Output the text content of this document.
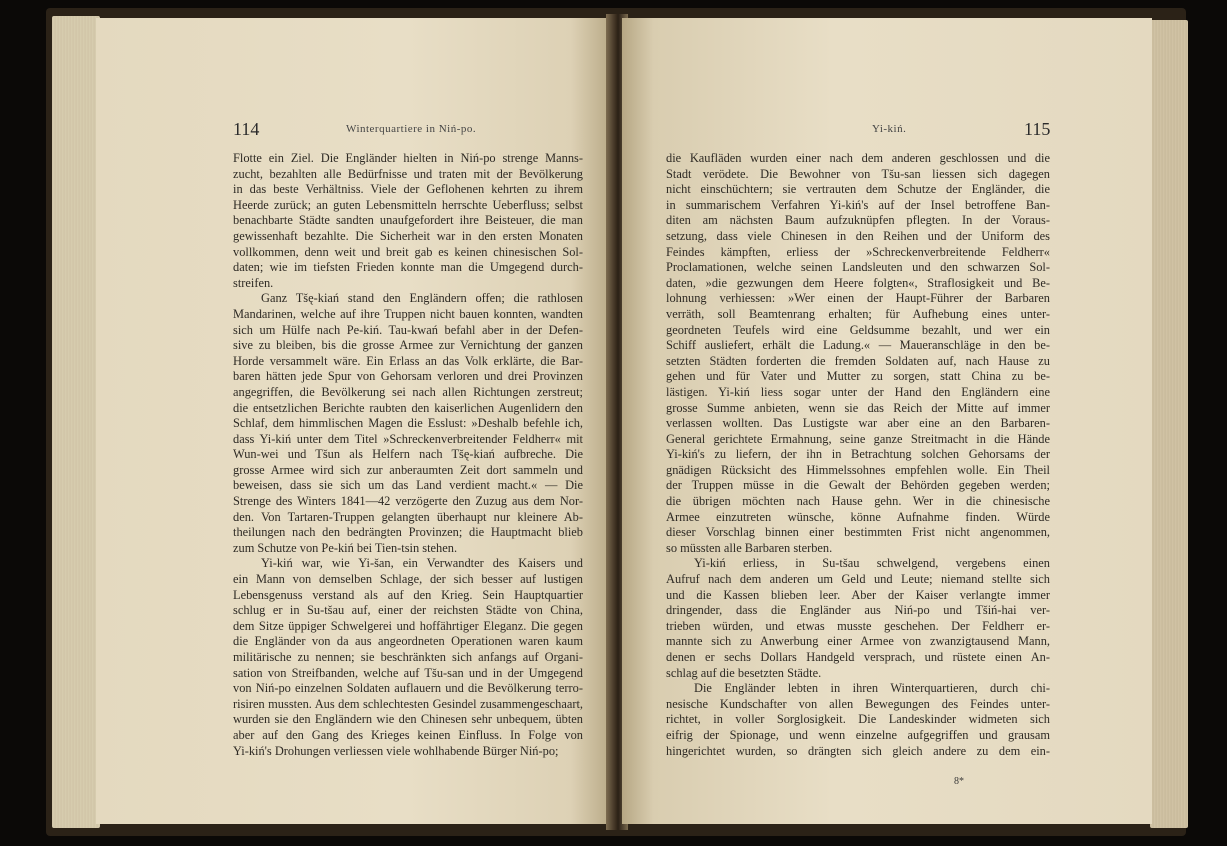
114	Winterquartiere in Niń-po.
Flotte ein Ziel. Die Engländer hielten in Niń-po strenge Manns-
zucht, bezahlten alle Bedürfnisse und traten mit der Bevölkerung
in das beste Verhältniss. Viele der Geflohenen kehrten zu ihrem
Heerde zurück; an guten Lebensmitteln herrschte Ueberfluss; selbst
benachbarte Städte sandten unaufgefordert ihre Beisteuer, die man
gewissenhaft bezahlte. Die Sicherheit war in den ersten Monaten
vollkommen, denn weit und breit gab es keinen chinesischen Sol-
daten; wie im tiefsten Frieden konnte man die Umgegend durch-
streifen.
Ganz Tšę-kiań stand den Engländern offen; die rathlosen
Mandarinen, welche auf ihre Truppen nicht bauen konnten, wandten
sich um Hülfe nach Pe-kiń. Tau-kwań befahl aber in der Defen-
sive zu bleiben, bis die grosse Armee zur Vernichtung der ganzen
Horde versammelt wäre. Ein Erlass an das Volk erklärte, die Bar-
baren hätten jede Spur von Gehorsam verloren und drei Provinzen
angegriffen, die Bevölkerung sei nach allen Richtungen zerstreut;
die entsetzlichen Berichte raubten den kaiserlichen Augenlidern den
Schlaf, dem himmlischen Magen die Esslust: »Deshalb befehle ich,
dass Yi-kiń unter dem Titel »Schreckenverbreitender Feldherr« mit
Wun-wei und Tšun als Helfern nach Tšę-kiań aufbreche. Die
grosse Armee wird sich zur anberaumten Zeit dort sammeln und
beweisen, dass sie sich um das Land verdient macht.« — Die
Strenge des Winters 1841—42 verzögerte den Zuzug aus dem Nor-
den. Von Tartaren-Truppen gelangten überhaupt nur kleinere Ab-
theilungen nach den bedrängten Provinzen; die Hauptmacht blieb
zum Schutze von Pe-kiń bei Tien-tsin stehen.
Yi-kiń war, wie Yi-šan, ein Verwandter des Kaisers und
ein Mann von demselben Schlage, der sich besser auf lustigen
Lebensgenuss verstand als auf den Krieg. Sein Hauptquartier
schlug er in Su-tšau auf, einer der reichsten Städte von China,
dem Sitze üppiger Schwelgerei und hoffährtiger Eleganz. Die gegen
die Engländer von da aus angeordneten Operationen waren kaum
militärische zu nennen; sie beschränkten sich anfangs auf Organi-
sation von Streifbanden, welche auf Tšu-san und in der Umgegend
von Niń-po einzelnen Soldaten auflauern und die Bevölkerung terro-
risiren mussten. Aus dem schlechtesten Gesindel zusammengeschaart,
wurden sie den Engländern wie den Chinesen sehr unbequem, übten
aber auf den Gang des Krieges keinen Einfluss. In Folge von
Yi-kiń's Drohungen verliessen viele wohlhabende Bürger Niń-po;
Yi-kiń.	115
die Kaufläden wurden einer nach dem anderen geschlossen und die
Stadt verödete. Die Bewohner von Tšu-san liessen sich dagegen
nicht einschüchtern; sie vertrauten dem Schutze der Engländer, die
in summarischem Verfahren Yi-kiń's auf der Insel betroffene Ban-
diten am nächsten Baum aufzuknüpfen pflegten. In der Voraus-
setzung, dass viele Chinesen in den Reihen und der Uniform des
Feindes kämpften, erliess der »Schreckenverbreitende Feldherr«
Proclamationen, welche seinen Landsleuten und den schwarzen Sol-
daten, »die gezwungen dem Heere folgten«, Straflosigkeit und Be-
lohnung verhiessen: »Wer einen der Haupt-Führer der Barbaren
verräth, soll Beamtenrang erhalten; für Aufhebung eines unter-
geordneten Teufels wird eine Geldsumme bezahlt, und wer ein
Schiff ausliefert, erhält die Ladung.« — Maueranschläge in den be-
setzten Städten forderten die fremden Soldaten auf, nach Hause zu
gehen und für Vater und Mutter zu sorgen, statt China zu be-
lästigen. Yi-kiń liess sogar unter der Hand den Engländern eine
grosse Summe anbieten, wenn sie das Reich der Mitte auf immer
verlassen wollten. Das Lustigste war aber eine an den Barbaren-
General gerichtete Ermahnung, seine ganze Streitmacht in die Hände
Yi-kiń's zu liefern, der ihn in Betrachtung solchen Gehorsams der
gnädigen Rücksicht des Himmelssohnes empfehlen wolle. Ein Theil
der Truppen müsse in die Gewalt der Behörden gegeben werden;
die übrigen möchten nach Hause gehn. Wer in die chinesische
Armee einzutreten wünsche, könne Aufnahme finden. Würde
dieser Vorschlag binnen einer bestimmten Frist nicht angenommen,
so müssten alle Barbaren sterben.
Yi-kiń erliess, in Su-tšau schwelgend, vergebens einen
Aufruf nach dem anderen um Geld und Leute; niemand stellte sich
und die Kassen blieben leer. Aber der Kaiser verlangte immer
dringender, dass die Engländer aus Niń-po und Tšiń-hai ver-
trieben würden, und etwas musste geschehen. Der Feldherr er-
mannte sich zu Anwerbung einer Armee von zwanzigtausend Mann,
denen er sechs Dollars Handgeld versprach, und rüstete einen An-
schlag auf die besetzten Städte.
Die Engländer lebten in ihren Winterquartieren, durch chi-
nesische Kundschafter von allen Bewegungen des Feindes unter-
richtet, in voller Sorglosigkeit. Die Landeskinder widmeten sich
eifrig der Spionage, und wenn einzelne aufgegriffen und grausam
hingerichtet wurden, so drängten sich gleich andere zu dem ein-
8*
